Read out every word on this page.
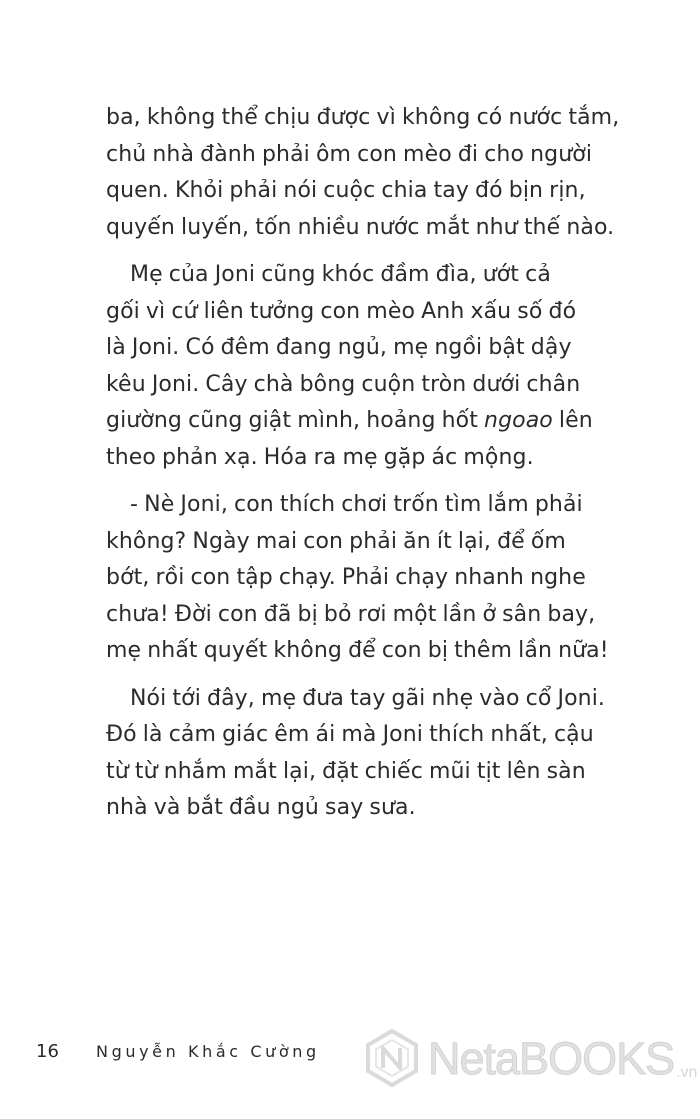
ba, không thể chịu được vì không có nước tắm,
chủ nhà đành phải ôm con mèo đi cho người
quen. Khỏi phải nói cuộc chia tay đó bịn rịn,
quyến luyến, tốn nhiều nước mắt như thế nào.

Mẹ của Joni cũng khóc đầm đìa, ướt cả
gối vì cứ liên tưởng con mèo Anh xấu số đó
là Joni. Có đêm đang ngủ, mẹ ngồi bật dậy
kêu Joni. Cây chà bông cuộn tròn dưới chân
giường cũng giật mình, hoảng hốt ngoao lên
theo phản xạ. Hóa ra mẹ gặp ác mộng.

- Nè Joni, con thích chơi trốn tìm lắm phải
không? Ngày mai con phải ăn ít lại, để ốm
bớt, rồi con tập chạy. Phải chạy nhanh nghe
chưa! Đời con đã bị bỏ rơi một lần ở sân bay,
mẹ nhất quyết không để con bị thêm lần nữa!

Nói tới đây, mẹ đưa tay gãi nhẹ vào cổ Joni.
Đó là cảm giác êm ái mà Joni thích nhất, cậu
từ từ nhắm mắt lại, đặt chiếc mũi tịt lên sàn
nhà và bắt đầu ngủ say sưa.

16	Nguyễn Khắc Cường NetaBOOKS .vn
